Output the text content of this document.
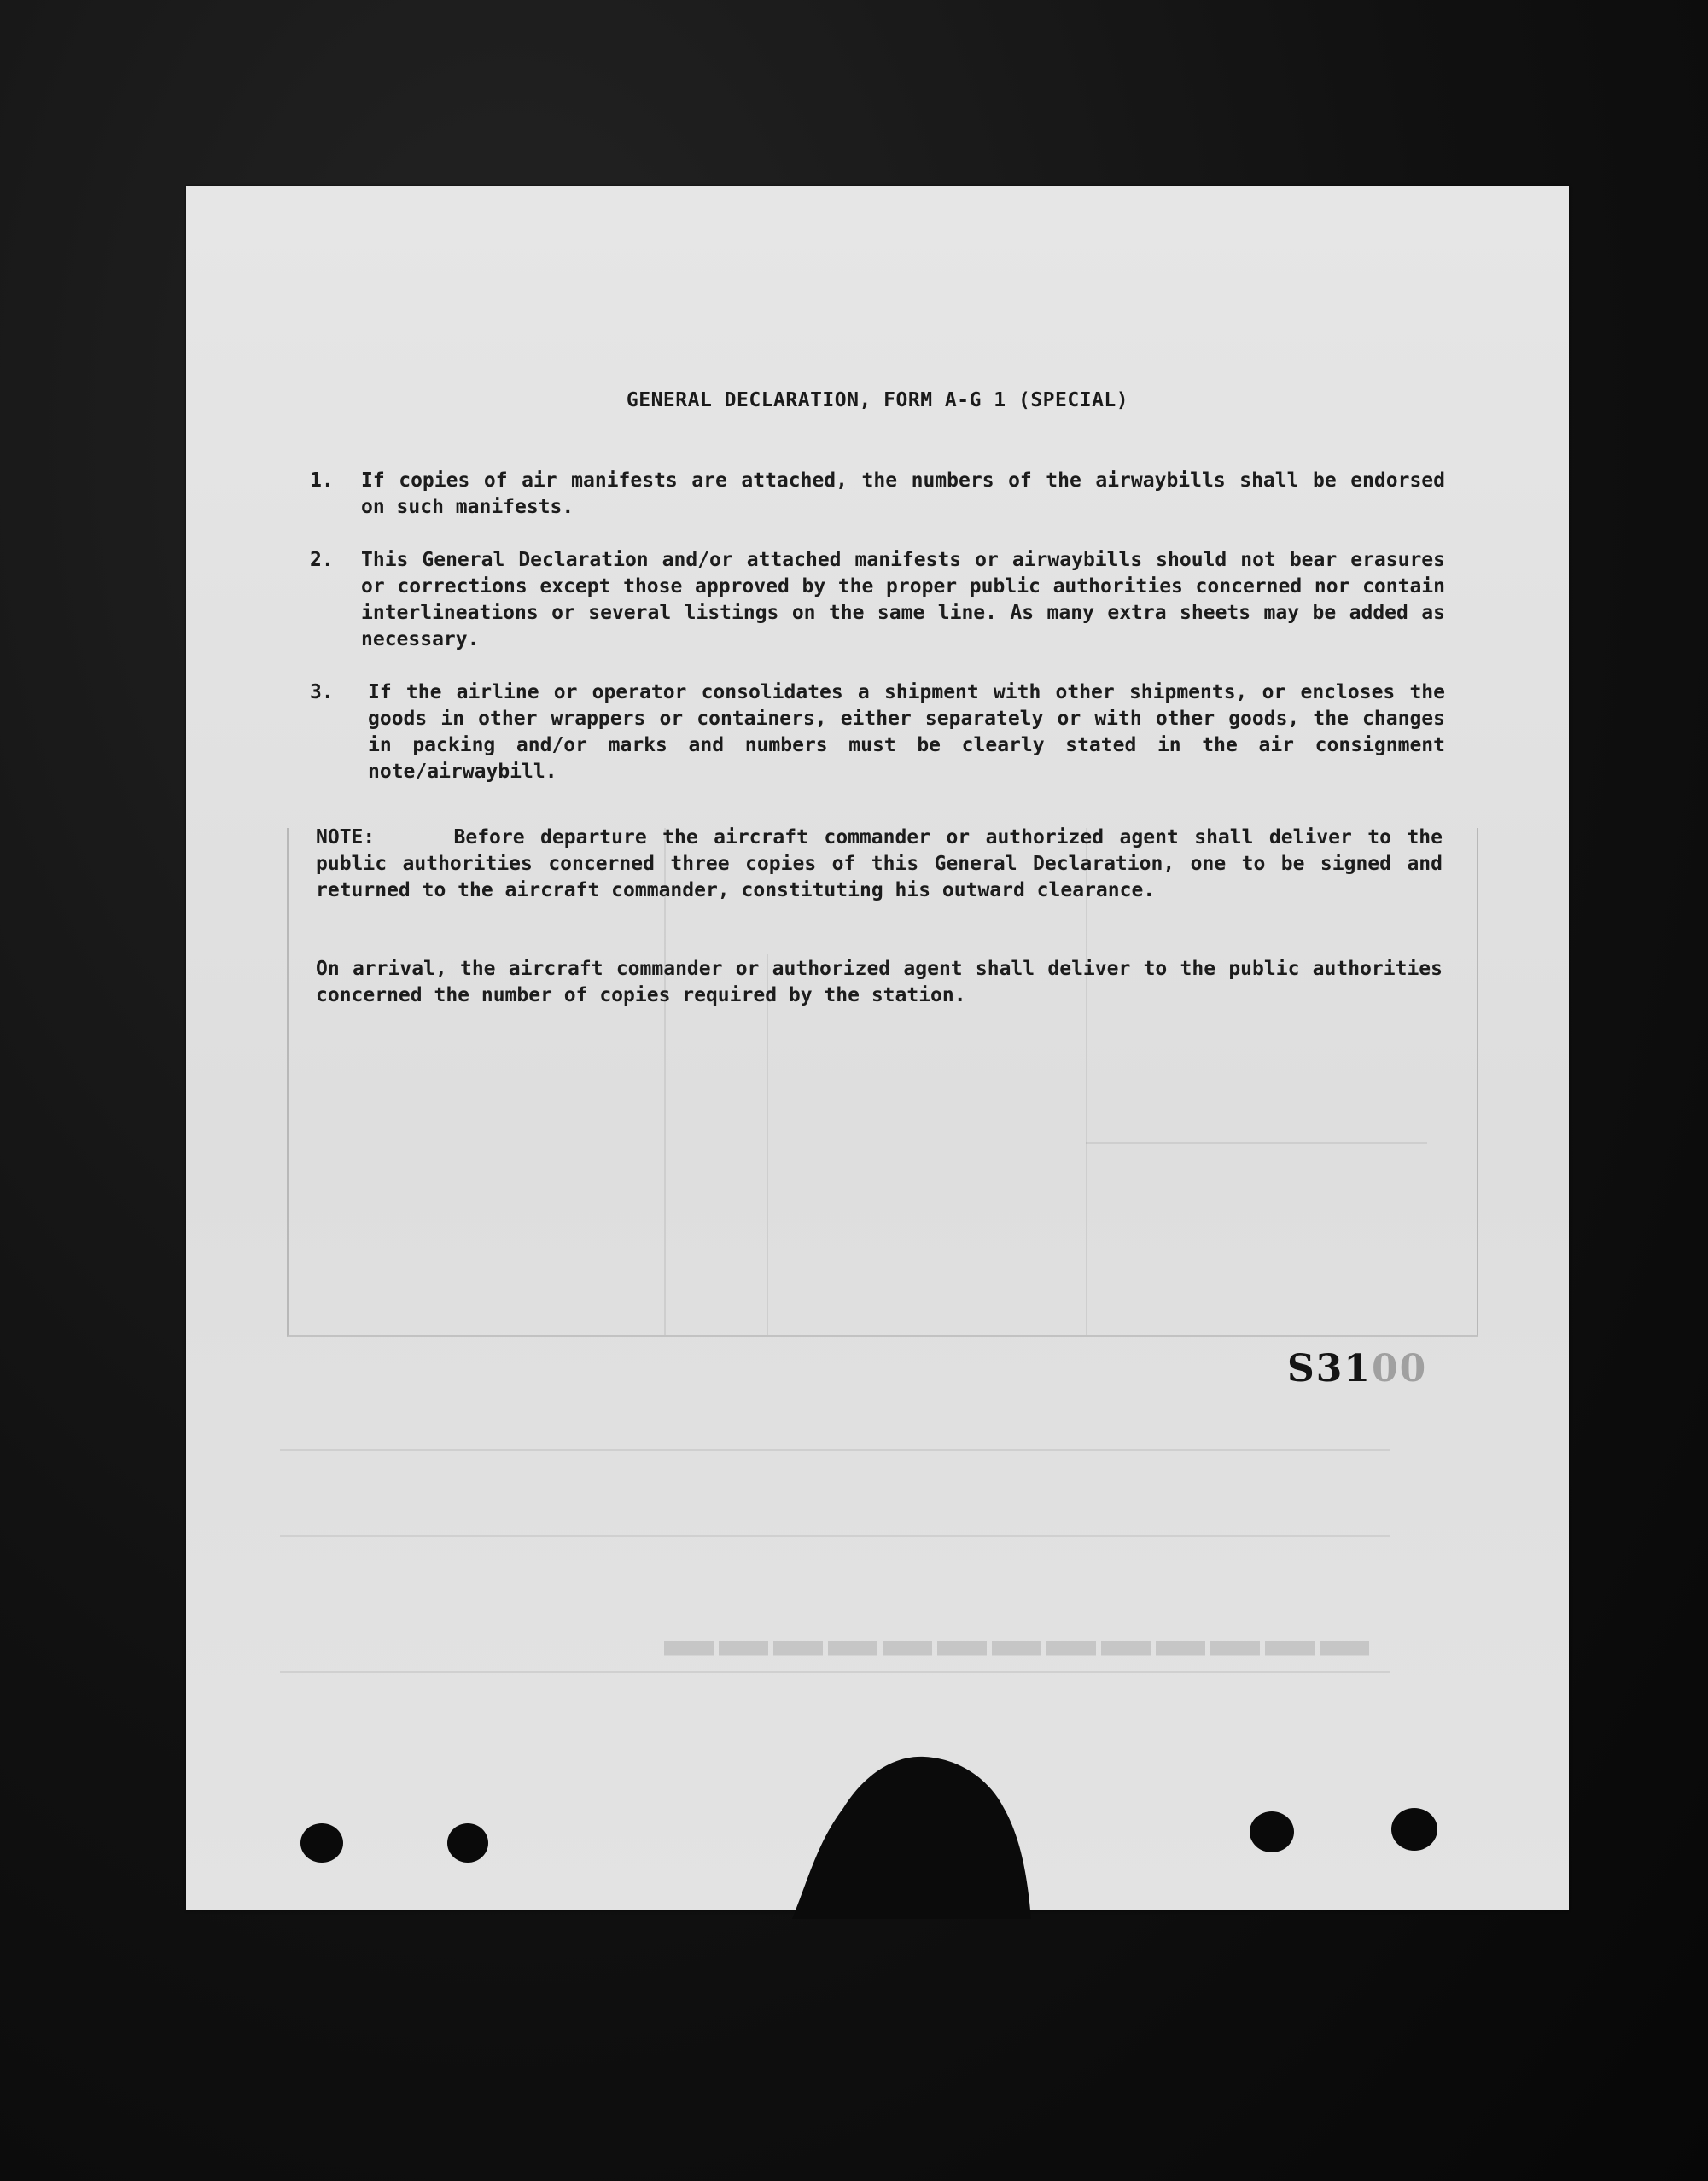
▬▬▬▬▬▬▬▬▬▬▬▬▬
GENERAL DECLARATION, FORM A-G 1 (SPECIAL)
1.	If copies of air manifests are attached, the numbers of the airwaybills shall be endorsed on such manifests.
2.	This General Declaration and/or attached manifests or airwaybills should not bear erasures or corrections except those approved by the proper public authorities concerned nor contain interlineations or several listings on the same line. As many extra sheets may be added as necessary.
3.	If the airline or operator consolidates a shipment with other shipments, or encloses the goods in other wrappers or containers, either separately or with other goods, the changes in packing and/or marks and numbers must be clearly stated in the air consignment note/airwaybill.
NOTE:     Before departure the aircraft commander or authorized agent shall deliver to the public authorities concerned three copies of this General Declaration, one to be signed and returned to the aircraft commander, constituting his outward clearance.
On arrival, the aircraft commander or authorized agent shall deliver to the public authorities concerned the number of copies required by the station.
S3100
